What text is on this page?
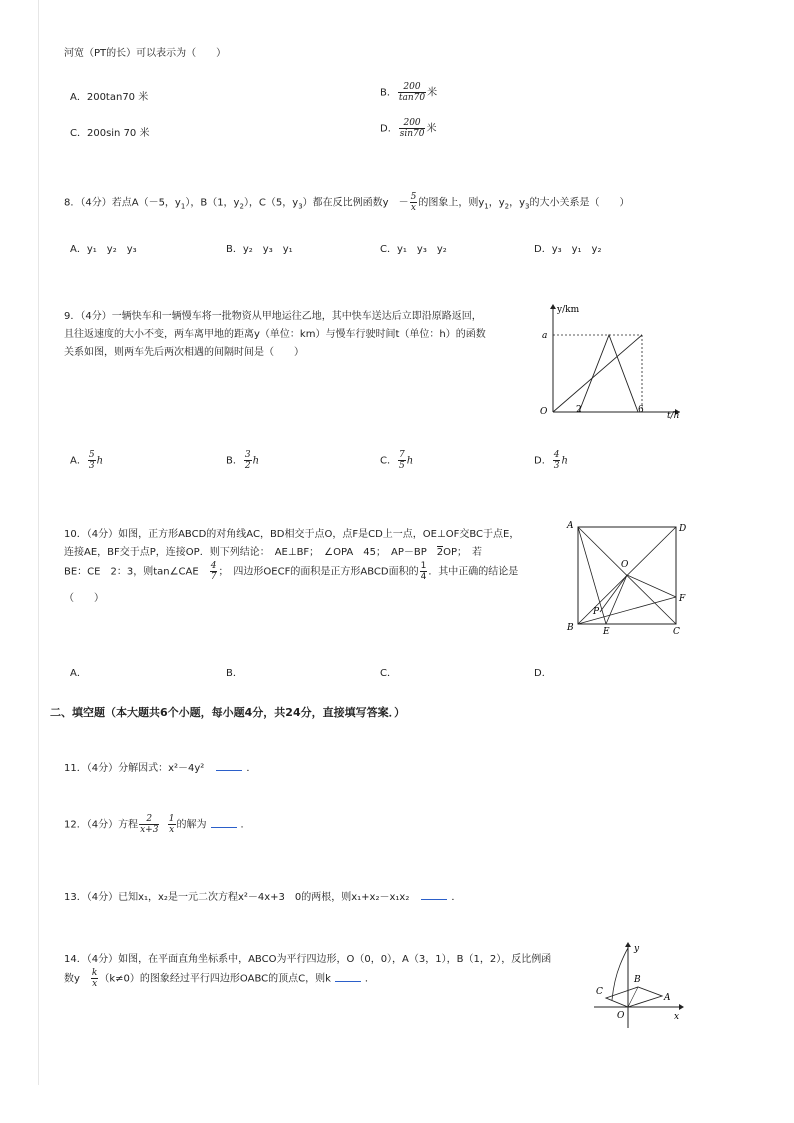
河宽（PT的长）可以表示为（　　）
A．200tan70 米	B． $\frac{200}{\tan 70}$ 米
C．200sin 70 米	D． $\frac{200}{\sin 70}$ 米
8．（4分）若点A（－5，$y_1$），B（1，$y_2$），C（5，$y_3$）都在反比例函数y　－ $\frac{5}{x}$ 的图象上，则$y_1$，$y_2$，$y_3$的大小关系是（　　）
A．y₁　y₂　y₃	B．y₂　y₃　y₁	C．y₁　y₃　y₂	D．y₃　y₁　y₂
9．（4分）一辆快车和一辆慢车将一批物资从甲地运往乙地，其中快车送达后立即沿原路返回，
且往返速度的大小不变，两车离甲地的距离y（单位：km）与慢车行驶时间t（单位：h）的函数
关系如图，则两车先后两次相遇的间隔时间是（　　）
y/km
a
O	2	6
t/h
A． $\frac{5}{3}$ h	B． $\frac{3}{2}$ h	C． $\frac{7}{5}$ h	D． $\frac{4}{3}$ h
10．（4分）如图，正方形ABCD的对角线AC，BD相交于点O，点F是CD上一点，OE⊥OF交BC于点E，
连接AE，BF交于点P，连接OP．则下列结论：　AE⊥BF；　∠OPA　45；　AP－BP　2OP；　若
BE：CE　2：3，则tan∠CAE　 $\frac{4}{7}$ ；　四边形OECF的面积是正方形ABCD面积的 $\frac{1}{4}$ ．其中正确的结论是
（　　）
A	D
O
F
P
B	E	C
A．	B．	C．	D．
二、填空题（本大题共6个小题，每小题4分，共24分，直接填写答案．）
11．（4分）分解因式：x²－4y²	．
12．（4分）方程 $\frac{2}{x+3}$
$\frac{1}{x}$ 的解为	．
13．（4分）已知x₁，x₂是一元二次方程x²－4x+3　0的两根，则x₁+x₂－x₁x₂	．
14．（4分）如图，在平面直角坐标系中，ABCO为平行四边形，O（0，0），A（3，1），B（1，2），反比例函
数y　 $\frac{k}{x} (k\ne 0)$的图象经过平行四边形OABC的顶点C，则k	．
y
B
C
A
O	x
